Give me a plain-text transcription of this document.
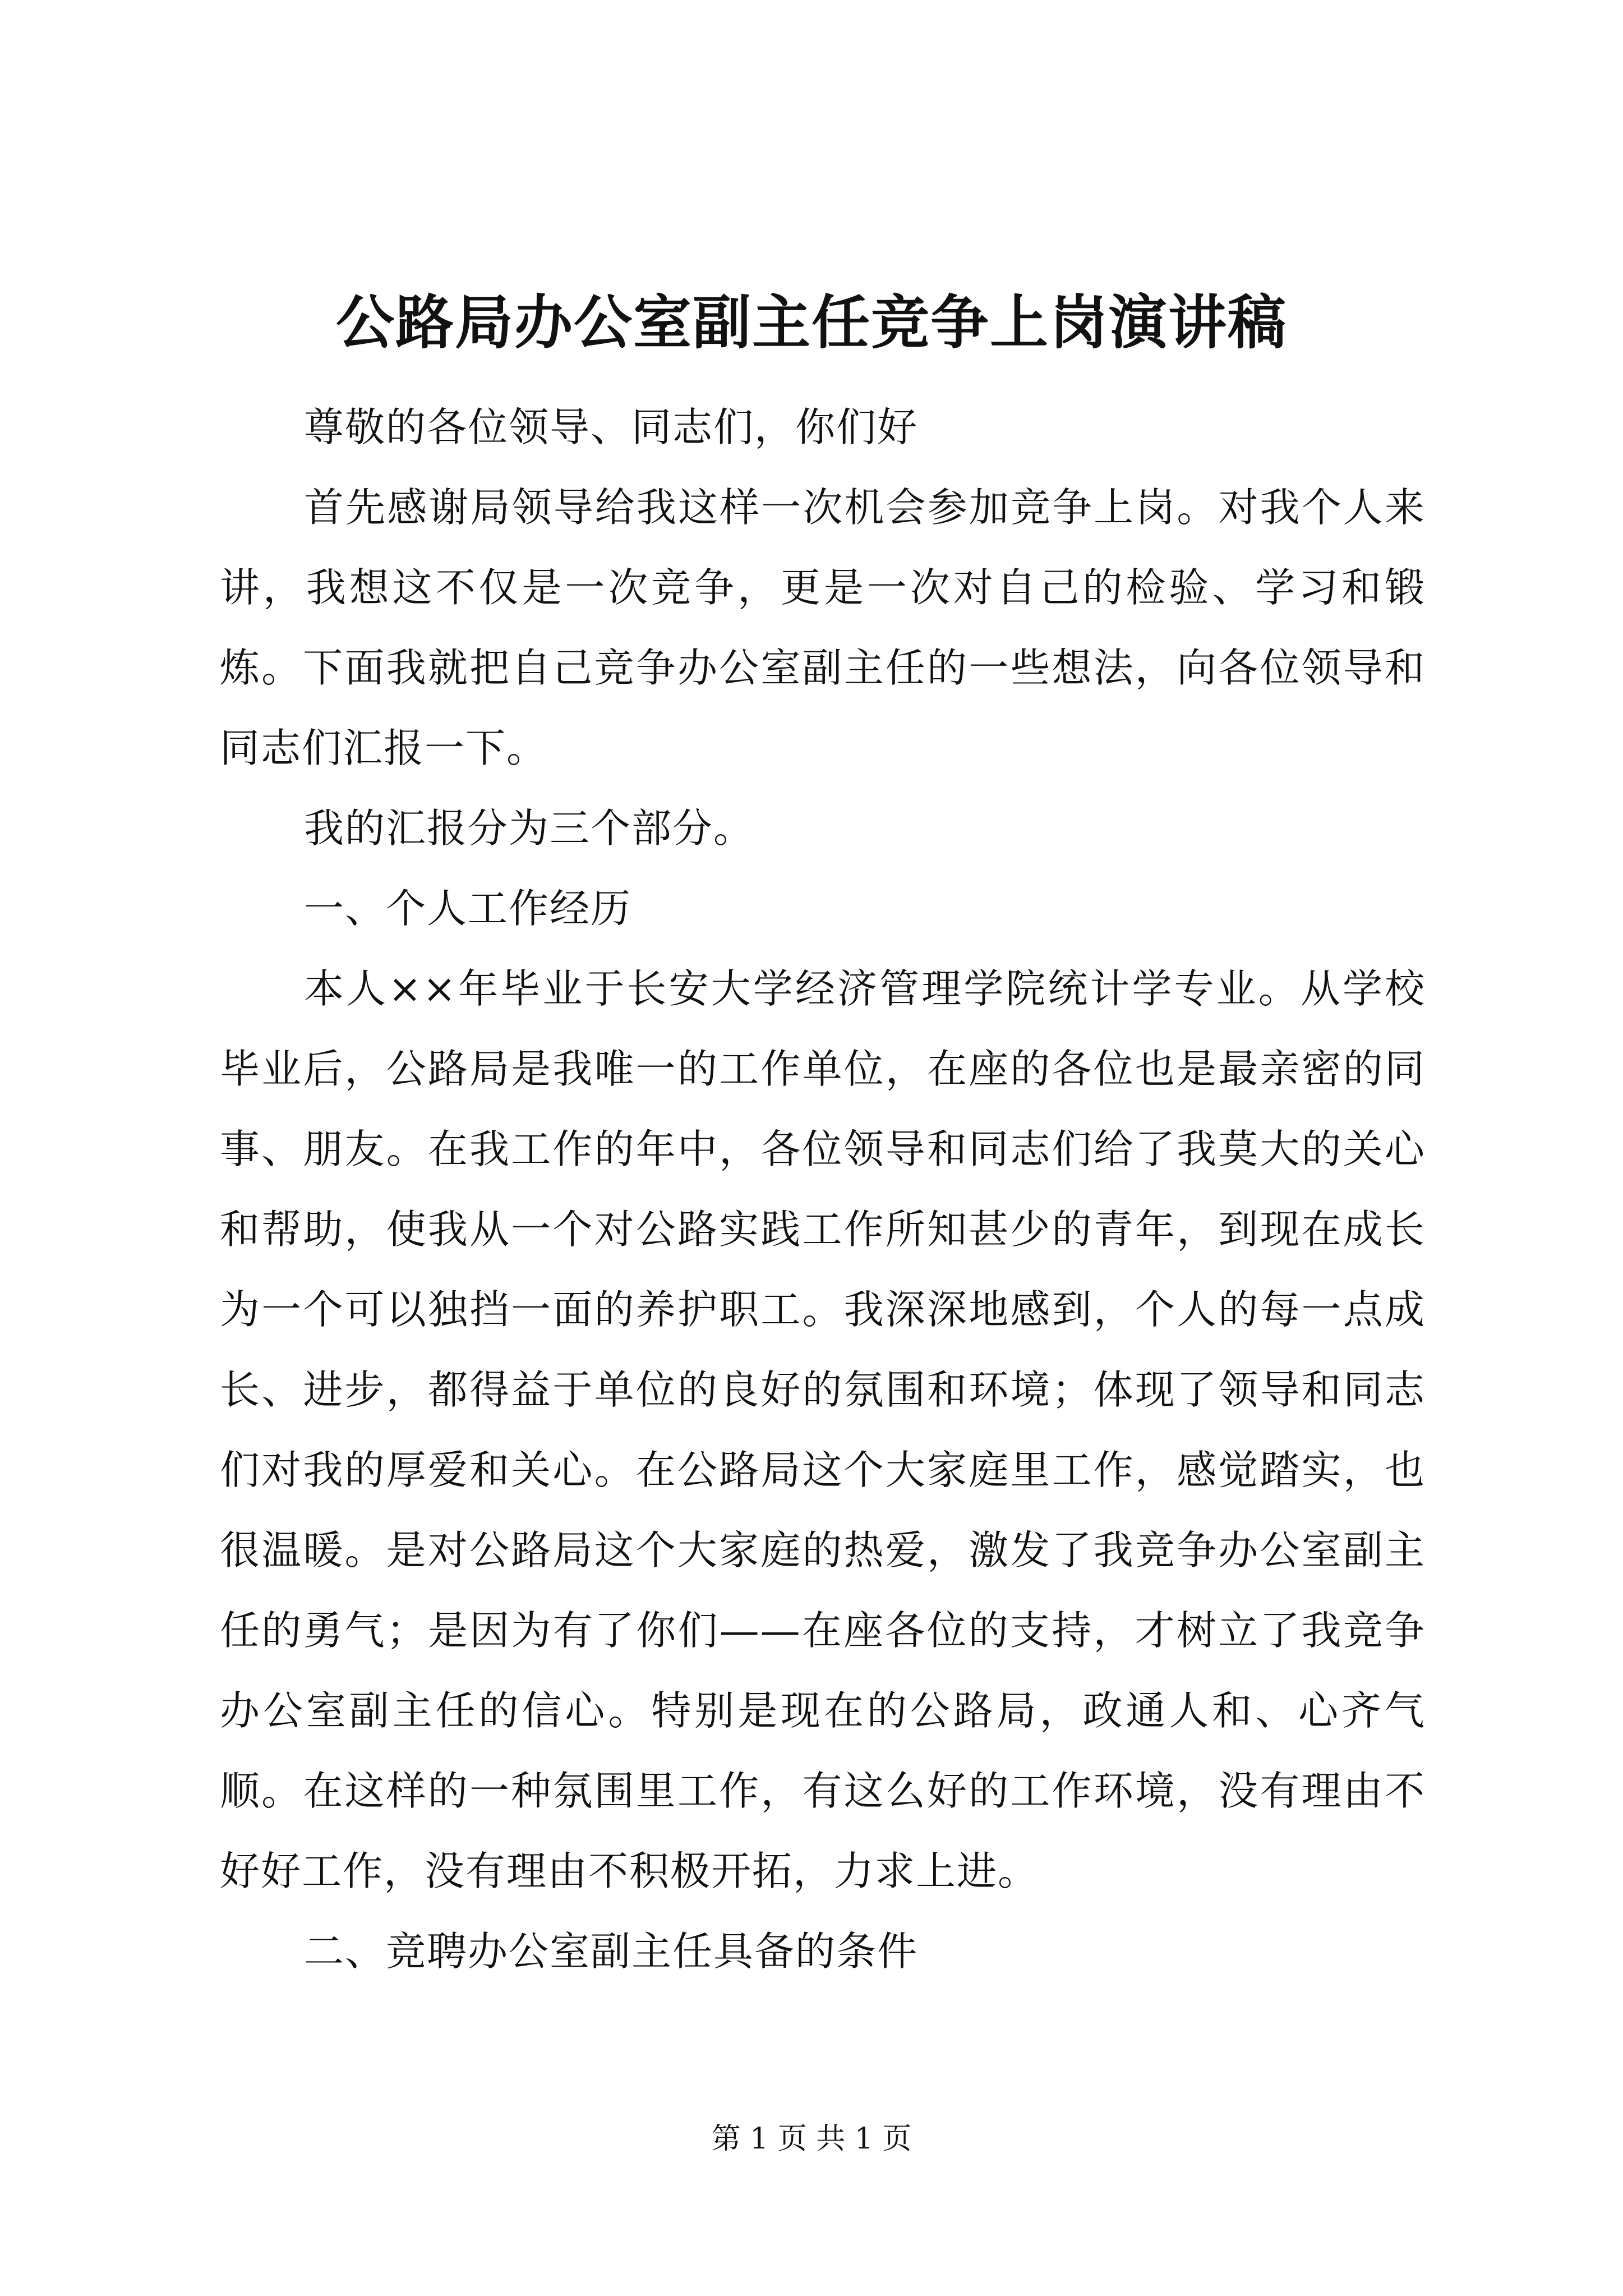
公路局办公室副主任竞争上岗演讲稿

尊敬的各位领导、同志们，你们好

首先感谢局领导给我这样一次机会参加竞争上岗。对我个人来讲，我想这不仅是一次竞争，更是一次对自己的检验、学习和锻炼。下面我就把自己竞争办公室副主任的一些想法，向各位领导和同志们汇报一下。

我的汇报分为三个部分。

一、个人工作经历

本人××年毕业于长安大学经济管理学院统计学专业。从学校毕业后，公路局是我唯一的工作单位，在座的各位也是最亲密的同事、朋友。在我工作的年中，各位领导和同志们给了我莫大的关心和帮助，使我从一个对公路实践工作所知甚少的青年，到现在成长为一个可以独挡一面的养护职工。我深深地感到，个人的每一点成长、进步，都得益于单位的良好的氛围和环境；体现了领导和同志们对我的厚爱和关心。在公路局这个大家庭里工作，感觉踏实，也很温暖。是对公路局这个大家庭的热爱，激发了我竞争办公室副主任的勇气；是因为有了你们——在座各位的支持，才树立了我竞争办公室副主任的信心。特别是现在的公路局，政通人和、心齐气顺。在这样的一种氛围里工作，有这么好的工作环境，没有理由不好好工作，没有理由不积极开拓，力求上进。

二、竞聘办公室副主任具备的条件

第 1 页 共 1 页
